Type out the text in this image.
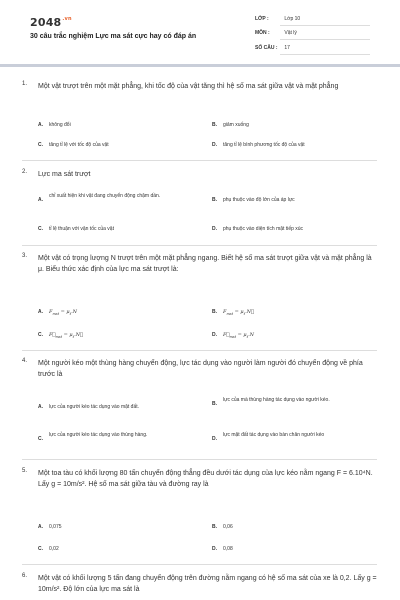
$2048^{.vn}$
30 câu trắc nghiệm Lực ma sát cực hay có đáp án
LỚP :	Lớp 10
MÔN :	Vật lý
SỐ CÂU : 17
1. Một vật trượt trên một mặt phẳng, khi tốc độ của vật tăng thì hệ số ma sát giữa vật và mặt phẳng
A. không đổi	B. giảm xuống
C. tăng tỉ lệ với tốc độ của vật	D. tăng tỉ lệ bình phương tốc độ của vật
2. Lực ma sát trượt
A.
chỉ xuất hiện khi vật đang chuyển động chậm dần.
B. phụ thuộc vào độ lớn của áp lực
C. tỉ lệ thuận với vận tốc của vật	D. phụ thuộc vào diện tích mặt tiếp xúc
3. Một vật có trọng lượng N trượt trên một mặt phẳng ngang. Biết hệ số ma sát trượt giữa vật và mặt phẳng là μ. Biểu thức xác định của lực ma sát trượt là:
A. $F_{mst} = \mu_t.N$	B. $F_{mst}$ = $\mu_t.N⃗$
C. $F⃗_{mst}$ = $\mu_t.N⃗$	D. $F⃗_{mst} = \mu_t.N$
4. Một người kéo một thùng hàng chuyển động, lực tác dụng vào người làm người đó chuyển động về phía trước là
A. lực của người kéo tác dụng vào mặt đất.	B.
lực của mà thùng hàng tác dụng vào người kéo.
C.
lực của người kéo tác dụng vào thùng hàng.
D.
lực mặt đất tác dụng vào bàn chân người kéo
5. Một toa tàu có khối lượng 80 tấn chuyển động thẳng đều dưới tác dụng của lực kéo nằm ngang F = 6.10⁴N. Lấy g = 10m/s². Hệ số ma sát giữa tàu và đường ray là
A. 0,075	B. 0,06
C. 0,02	D. 0,08
6. Một vật có khối lượng 5 tấn đang chuyển động trên đường nằm ngang có hệ số ma sát của xe là 0,2. Lấy g = 10m/s². Độ lớn của lực ma sát là
